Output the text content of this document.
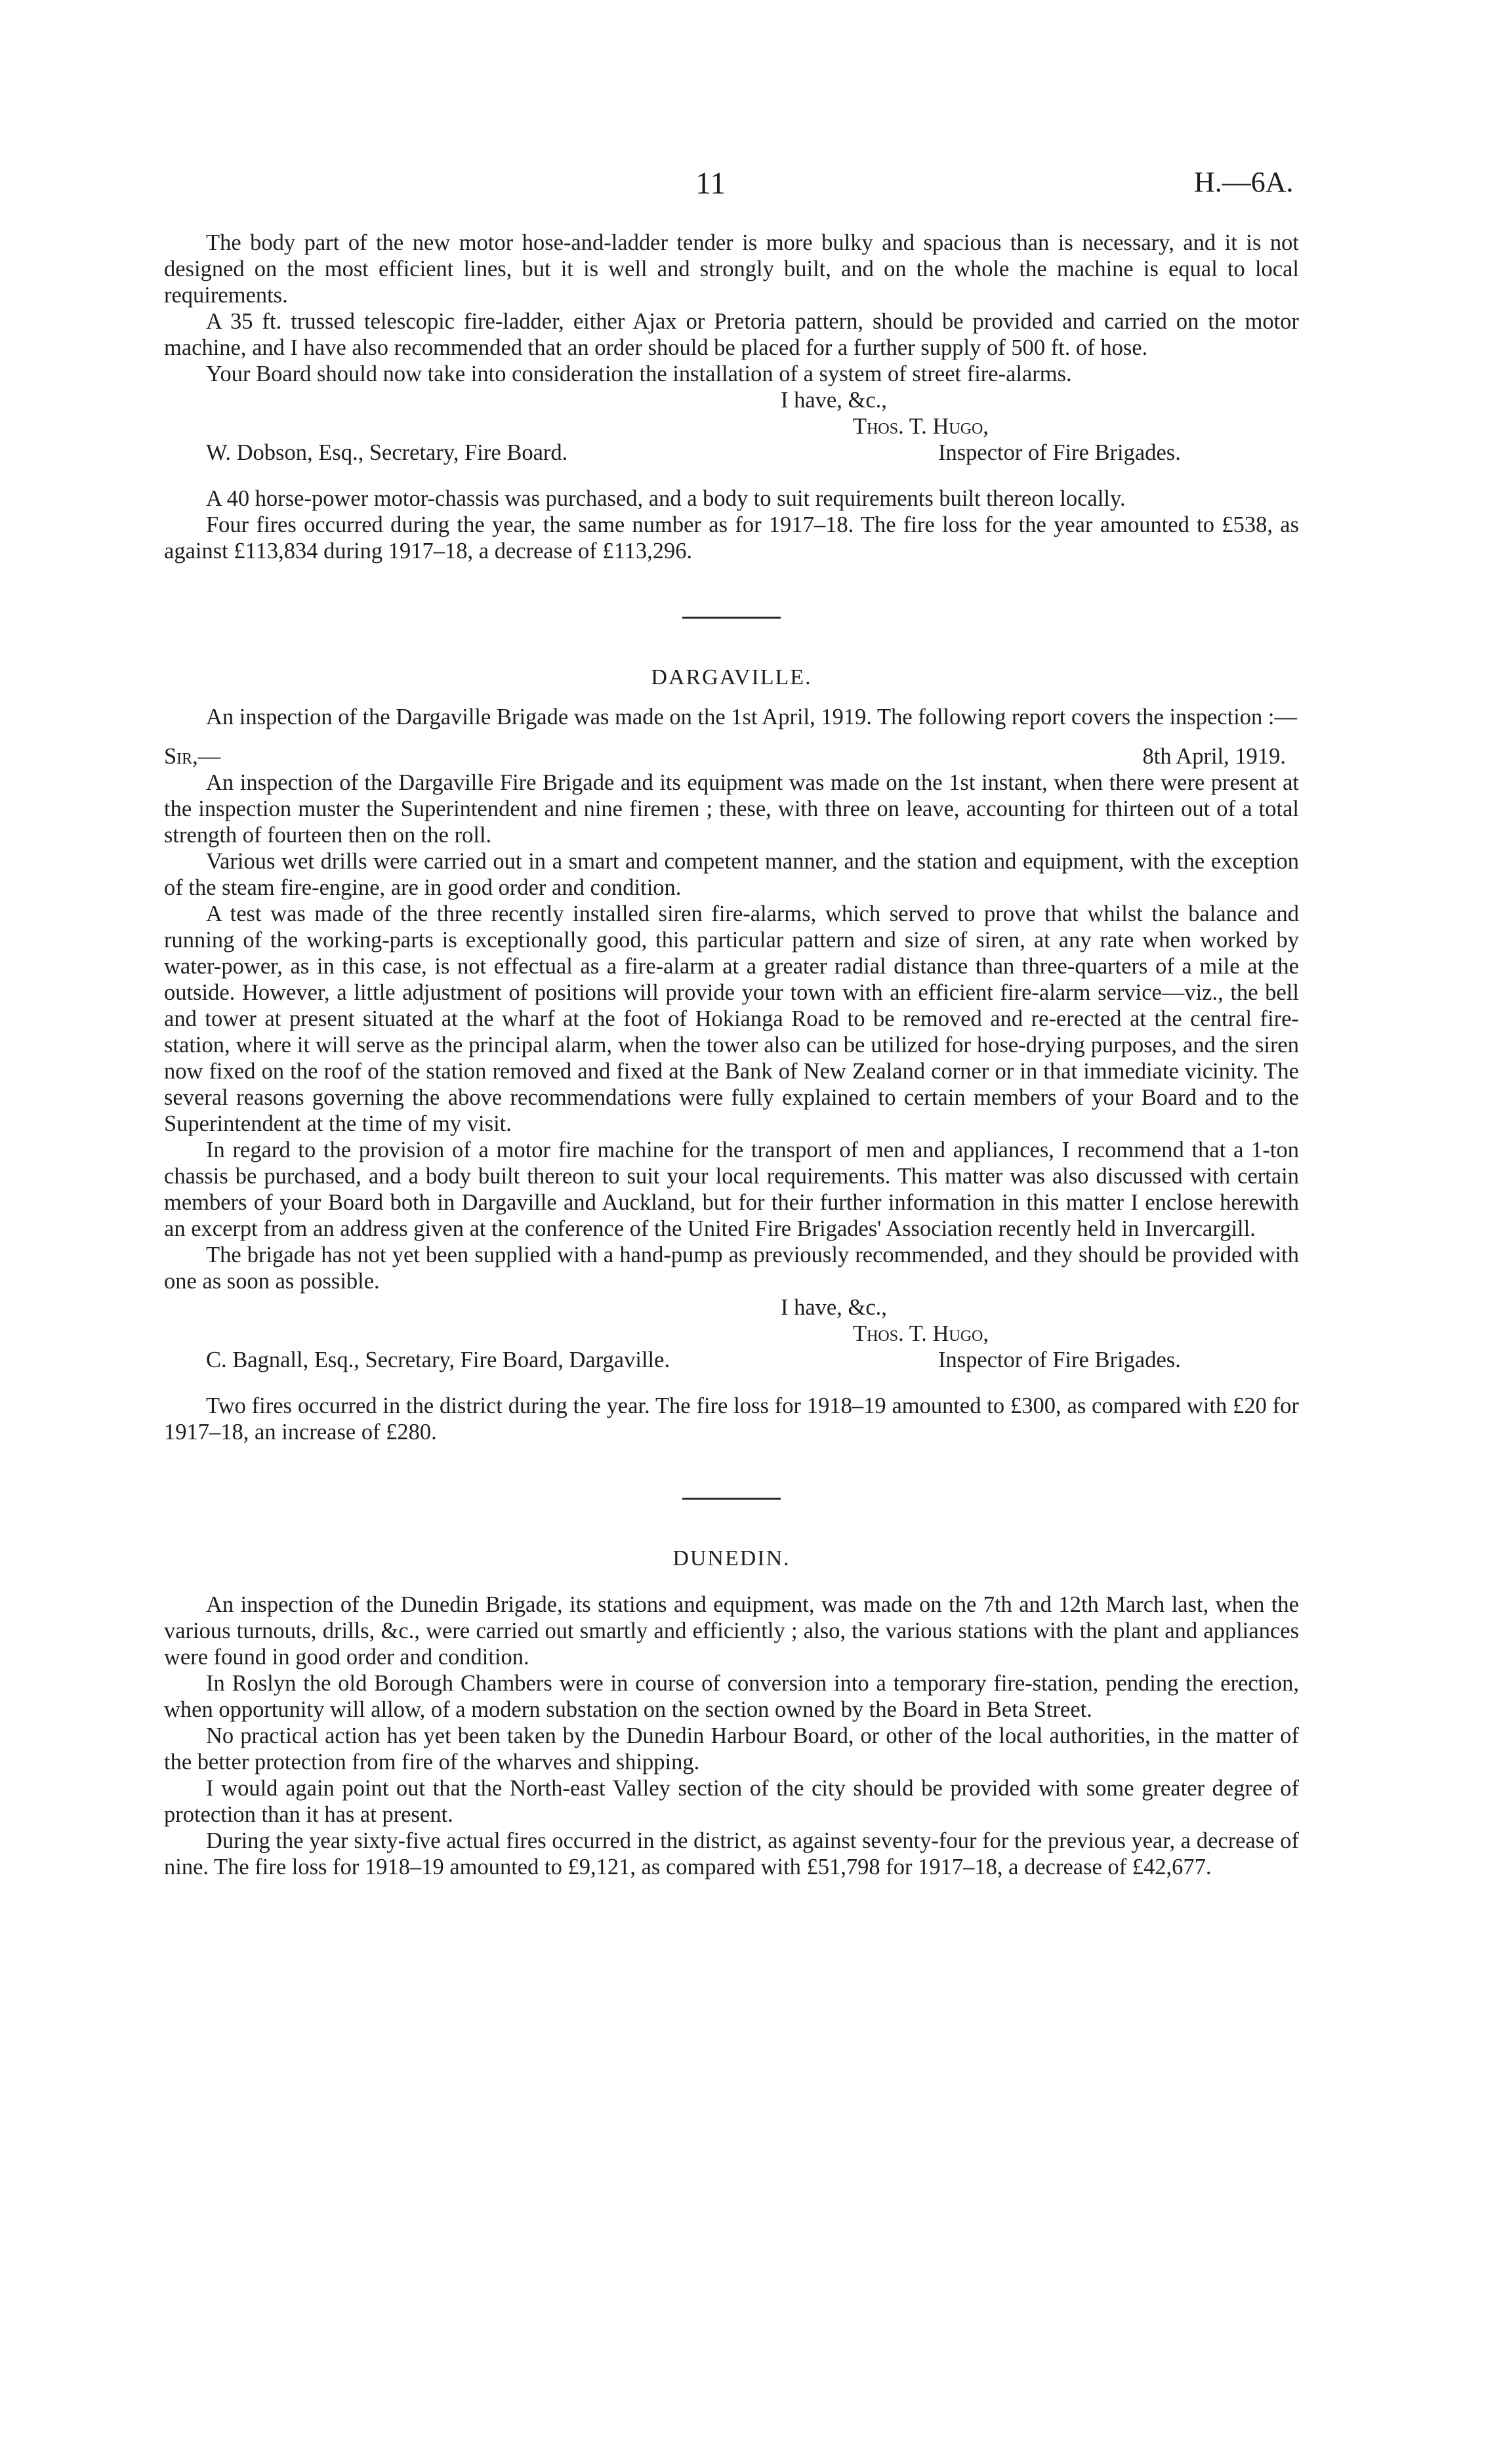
11	H.—6A.

The body part of the new motor hose-and-ladder tender is more bulky and spacious than is necessary, and it is not designed on the most efficient lines, but it is well and strongly built, and on the whole the machine is equal to local requirements.

A 35 ft. trussed telescopic fire-ladder, either Ajax or Pretoria pattern, should be provided and carried on the motor machine, and I have also recommended that an order should be placed for a further supply of 500 ft. of hose.

Your Board should now take into consideration the installation of a system of street fire-alarms.

I have, &c.,
Thos. T. Hugo,
W. Dobson, Esq., Secretary, Fire Board.	Inspector of Fire Brigades.

A 40 horse-power motor-chassis was purchased, and a body to suit requirements built thereon locally.

Four fires occurred during the year, the same number as for 1917–18. The fire loss for the year amounted to £538, as against £113,834 during 1917–18, a decrease of £113,296.

DARGAVILLE.

An inspection of the Dargaville Brigade was made on the 1st April, 1919. The following report covers the inspection :—

Sir,—	8th April, 1919.

An inspection of the Dargaville Fire Brigade and its equipment was made on the 1st instant, when there were present at the inspection muster the Superintendent and nine firemen ; these, with three on leave, accounting for thirteen out of a total strength of fourteen then on the roll.

Various wet drills were carried out in a smart and competent manner, and the station and equipment, with the exception of the steam fire-engine, are in good order and condition.

A test was made of the three recently installed siren fire-alarms, which served to prove that whilst the balance and running of the working-parts is exceptionally good, this particular pattern and size of siren, at any rate when worked by water-power, as in this case, is not effectual as a fire-alarm at a greater radial distance than three-quarters of a mile at the outside. However, a little adjustment of positions will provide your town with an efficient fire-alarm service—viz., the bell and tower at present situated at the wharf at the foot of Hokianga Road to be removed and re-erected at the central fire-station, where it will serve as the principal alarm, when the tower also can be utilized for hose-drying purposes, and the siren now fixed on the roof of the station removed and fixed at the Bank of New Zealand corner or in that immediate vicinity. The several reasons governing the above recommendations were fully explained to certain members of your Board and to the Superintendent at the time of my visit.

In regard to the provision of a motor fire machine for the transport of men and appliances, I recommend that a 1-ton chassis be purchased, and a body built thereon to suit your local requirements. This matter was also discussed with certain members of your Board both in Dargaville and Auckland, but for their further information in this matter I enclose herewith an excerpt from an address given at the conference of the United Fire Brigades' Association recently held in Invercargill.

The brigade has not yet been supplied with a hand-pump as previously recommended, and they should be provided with one as soon as possible.

I have, &c.,
Thos. T. Hugo,
C. Bagnall, Esq., Secretary, Fire Board, Dargaville.	Inspector of Fire Brigades.

Two fires occurred in the district during the year. The fire loss for 1918–19 amounted to £300, as compared with £20 for 1917–18, an increase of £280.

DUNEDIN.

An inspection of the Dunedin Brigade, its stations and equipment, was made on the 7th and 12th March last, when the various turnouts, drills, &c., were carried out smartly and efficiently ; also, the various stations with the plant and appliances were found in good order and condition.

In Roslyn the old Borough Chambers were in course of conversion into a temporary fire-station, pending the erection, when opportunity will allow, of a modern substation on the section owned by the Board in Beta Street.

No practical action has yet been taken by the Dunedin Harbour Board, or other of the local authorities, in the matter of the better protection from fire of the wharves and shipping.

I would again point out that the North-east Valley section of the city should be provided with some greater degree of protection than it has at present.

During the year sixty-five actual fires occurred in the district, as against seventy-four for the previous year, a decrease of nine. The fire loss for 1918–19 amounted to £9,121, as compared with £51,798 for 1917–18, a decrease of £42,677.
